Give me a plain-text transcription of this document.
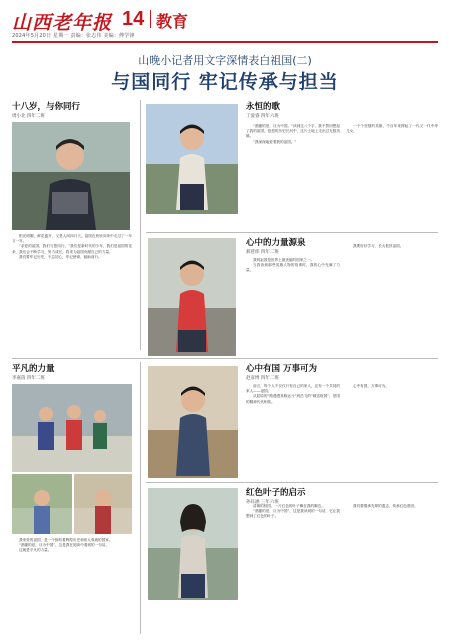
山西老年报 14 教育
2024年5月20日 星期一 责编：张志伟 美编：傅学锋
山晚小记者用文字深情表白祖国(二)
与国同行 牢记传承与担当
十八岁，与你同行
周小北 四年二班

阳光明媚，鲜花盛开，又是人间四月天。祖国在欣欣向荣中走过了一年又一年。

“亲爱的祖国，我们与您同行。”我们是新时代的少年，我们是祖国的花朵，我们会不断学习，努力成长，将来为祖国贡献自己的力量。

我们要牢记历史，不忘初心，牢记使命，砥砺前行。

永恒的歌
丁爱睿 四年六班

“酒趣的爱，旦为中国。”读到这八个字，我不禁回想起了我的祖国。悠悠的历史长河中，这片土地上走出过无数英雄。

“我深深地爱着我的祖国。”

一个个坚强的英雄，千百年来撑起了一代又一代中华儿女。

心中的力量源泉
郝慈炜 四年二班

我的祖国是世界上最美丽的国家之一。

当我读到那些英雄人物的故事时，我的心中充满了力量。

我要好好学习，长大报效祖国。

平凡的力量
李嘉茵 四年二班

我来爱的祖国，是一个拥有着辉煌历史和伟大成就的国家。

“酒趣的爱，旦为中国”，这是我在阅读中看到的一句话。

这就是平凡的力量。

心中有国 万事可为
赵彦博 四年二班

前言，每个人不仅仅只有自己的家人，还有一个共同的家人——祖国。

从屈原的“路漫漫其修远兮”到岳飞的“精忠报国”，爱国的精神代代相传。

心中有国，万事可为。

红色叶子的启示
孙钰涵 三年六班

清朗的校园，一片红色的叶子飘在我的脚边。

“酒趣的爱，旦为中国”，这是我读到的一句话，它让我想到了红色的叶子。

我们要继承先辈的遗志，传承红色基因。
